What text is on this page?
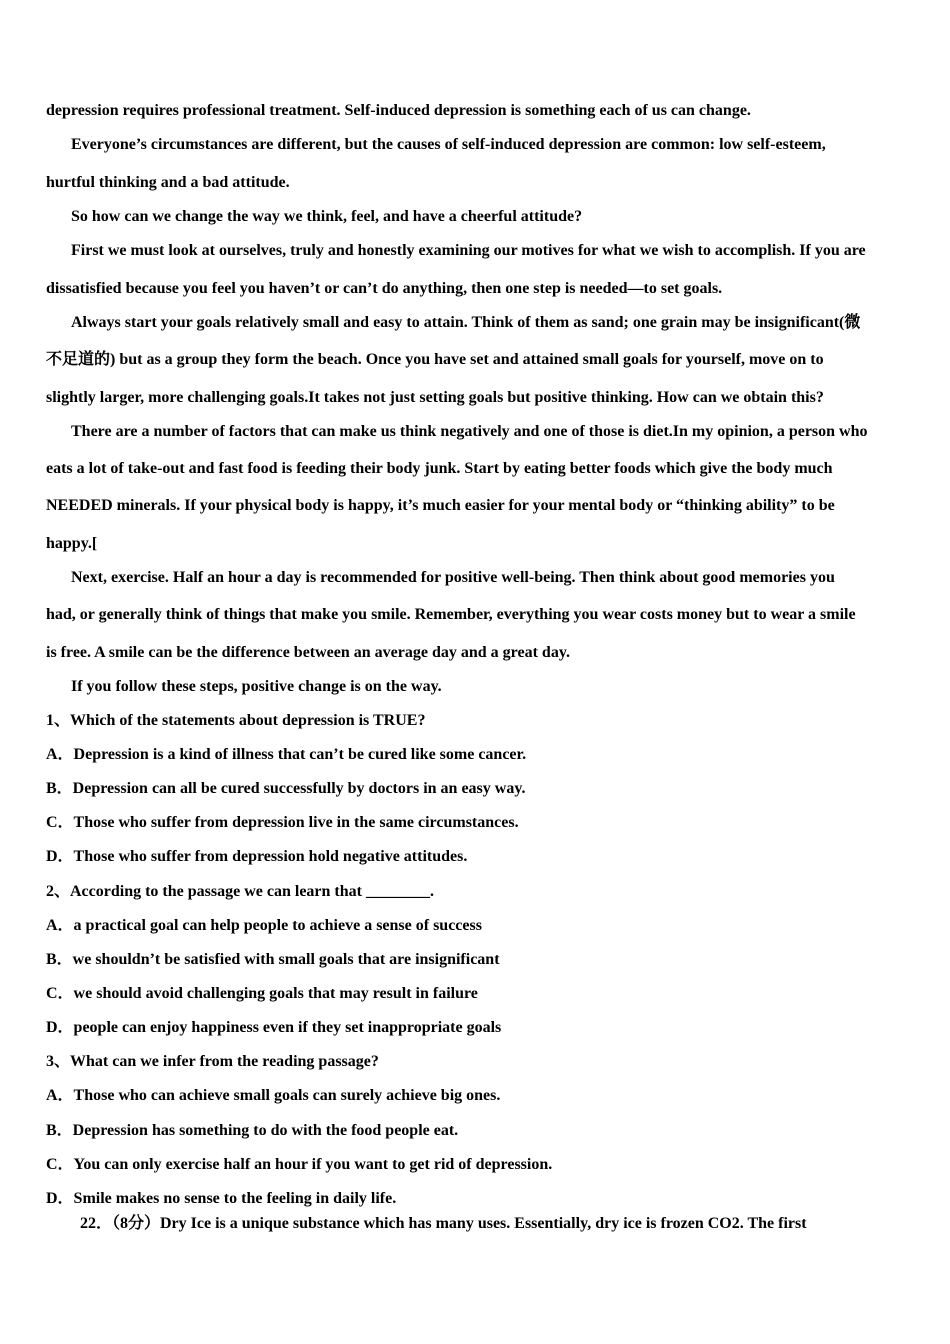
depression requires professional treatment. Self-induced depression is something each of us can change.
Everyone’s circumstances are different, but the causes of self-induced depression are common: low self-esteem,
hurtful thinking and a bad attitude.
So how can we change the way we think, feel, and have a cheerful attitude?
First we must look at ourselves, truly and honestly examining our motives for what we wish to accomplish. If you are
dissatisfied because you feel you haven’t or can’t do anything, then one step is needed—to set goals.
Always start your goals relatively small and easy to attain. Think of them as sand; one grain may be insignificant(微
不足道的) but as a group they form the beach. Once you have set and attained small goals for yourself, move on to
slightly larger, more challenging goals.It takes not just setting goals but positive thinking. How can we obtain this?
There are a number of factors that can make us think negatively and one of those is diet.In my opinion, a person who
eats a lot of take-out and fast food is feeding their body junk. Start by eating better foods which give the body much
NEEDED minerals. If your physical body is happy, it’s much easier for your mental body or “thinking ability” to be
happy.[
Next, exercise. Half an hour a day is recommended for positive well-being. Then think about good memories you
had, or generally think of things that make you smile. Remember, everything you wear costs money but to wear a smile
is free. A smile can be the difference between an average day and a great day.
If you follow these steps, positive change is on the way.
1、Which of the statements about depression is TRUE?
A．Depression is a kind of illness that can’t be cured like some cancer.
B．Depression can all be cured successfully by doctors in an easy way.
C．Those who suffer from depression live in the same circumstances.
D．Those who suffer from depression hold negative attitudes.
2、According to the passage we can learn that ________.
A．a practical goal can help people to achieve a sense of success
B．we shouldn’t be satisfied with small goals that are insignificant
C．we should avoid challenging goals that may result in failure
D．people can enjoy happiness even if they set inappropriate goals
3、What can we infer from the reading passage?
A．Those who can achieve small goals can surely achieve big ones.
B．Depression has something to do with the food people eat.
C．You can only exercise half an hour if you want to get rid of depression.
D．Smile makes no sense to the feeling in daily life.
22．（8分）Dry Ice is a unique substance which has many uses. Essentially, dry ice is frozen CO2. The first
